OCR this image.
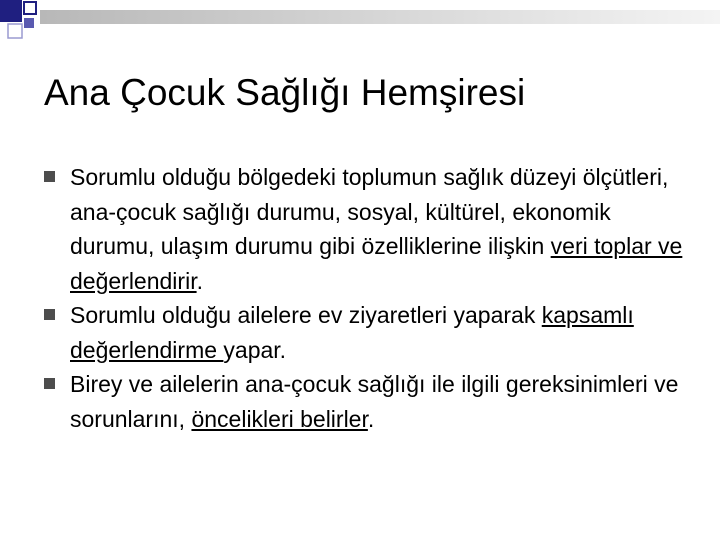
Ana Çocuk Sağlığı Hemşiresi
Sorumlu olduğu bölgedeki toplumun sağlık düzeyi ölçütleri, ana-çocuk sağlığı durumu, sosyal, kültürel, ekonomik durumu, ulaşım durumu gibi özelliklerine ilişkin veri toplar ve değerlendirir.
Sorumlu olduğu ailelere ev ziyaretleri yaparak kapsamlı değerlendirme yapar.
Birey ve ailelerin ana-çocuk sağlığı ile ilgili gereksinimleri ve sorunlarını, öncelikleri belirler.
